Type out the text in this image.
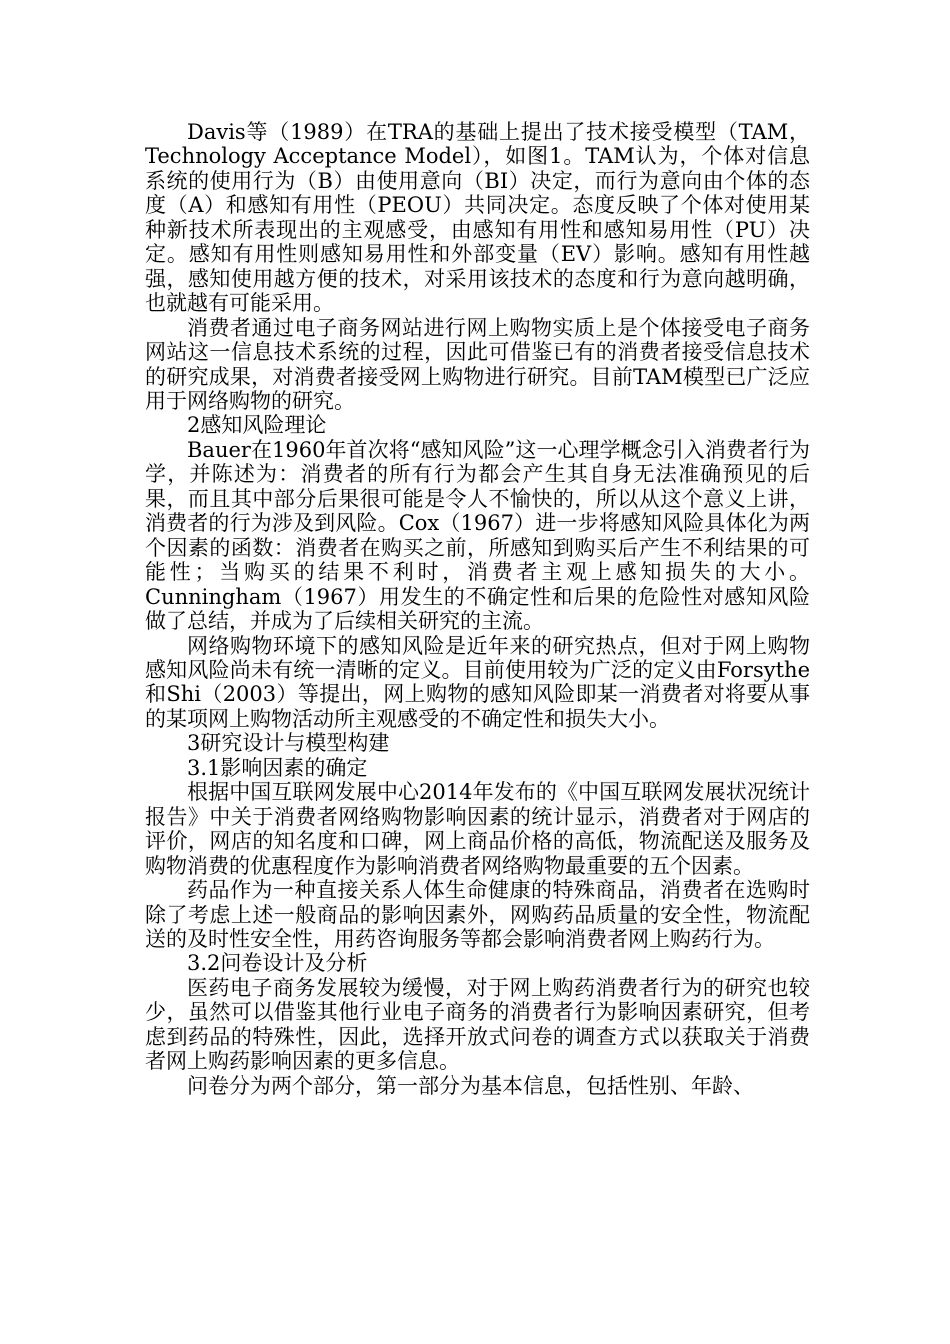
Davis等（1989）在TRA的基础上提出了技术接受模型（TAM，Technology Acceptance Model），如图1。TAM认为，个体对信息系统的使用行为（B）由使用意向（BI）决定，而行为意向由个体的态度（A）和感知有用性（PEOU）共同决定。态度反映了个体对使用某种新技术所表现出的主观感受，由感知有用性和感知易用性（PU）决定。感知有用性则感知易用性和外部变量（EV）影响。感知有用性越强，感知使用越方便的技术，对采用该技术的态度和行为意向越明确，也就越有可能采用。

消费者通过电子商务网站进行网上购物实质上是个体接受电子商务网站这一信息技术系统的过程，因此可借鉴已有的消费者接受信息技术的研究成果，对消费者接受网上购物进行研究。目前TAM模型已广泛应用于网络购物的研究。

2感知风险理论

Bauer在1960年首次将“感知风险”这一心理学概念引入消费者行为学，并陈述为：消费者的所有行为都会产生其自身无法准确预见的后果，而且其中部分后果很可能是令人不愉快的，所以从这个意义上讲，消费者的行为涉及到风险。Cox（1967）进一步将感知风险具体化为两个因素的函数：消费者在购买之前，所感知到购买后产生不利结果的可能性；当购买的结果不利时，消费者主观上感知损失的大小。Cunningham（1967）用发生的不确定性和后果的危险性对感知风险做了总结，并成为了后续相关研究的主流。

网络购物环境下的感知风险是近年来的研究热点，但对于网上购物感知风险尚未有统一清晰的定义。目前使用较为广泛的定义由Forsythe和Shi（2003）等提出，网上购物的感知风险即某一消费者对将要从事的某项网上购物活动所主观感受的不确定性和损失大小。

3研究设计与模型构建

3.1影响因素的确定

根据中国互联网发展中心2014年发布的《中国互联网发展状况统计报告》中关于消费者网络购物影响因素的统计显示，消费者对于网店的评价，网店的知名度和口碑，网上商品价格的高低，物流配送及服务及购物消费的优惠程度作为影响消费者网络购物最重要的五个因素。

药品作为一种直接关系人体生命健康的特殊商品，消费者在选购时除了考虑上述一般商品的影响因素外，网购药品质量的安全性，物流配送的及时性安全性，用药咨询服务等都会影响消费者网上购药行为。

3.2问卷设计及分析

医药电子商务发展较为缓慢，对于网上购药消费者行为的研究也较少，虽然可以借鉴其他行业电子商务的消费者行为影响因素研究，但考虑到药品的特殊性，因此，选择开放式问卷的调查方式以获取关于消费者网上购药影响因素的更多信息。

问卷分为两个部分，第一部分为基本信息，包括性别、年龄、
